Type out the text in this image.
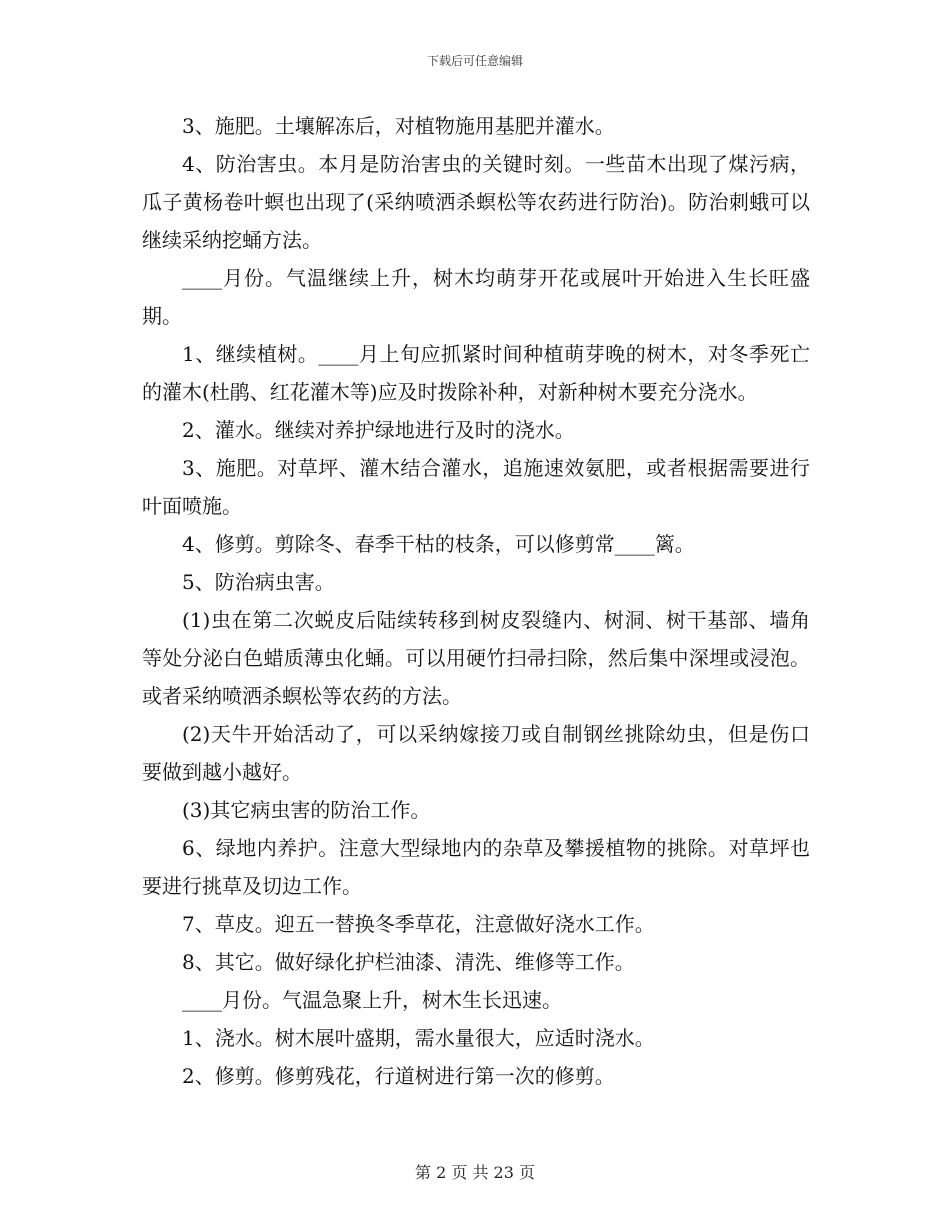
下载后可任意编辑

3、施肥。土壤解冻后，对植物施用基肥并灌水。

4、防治害虫。本月是防治害虫的关键时刻。一些苗木出现了煤污病，瓜子黄杨卷叶螟也出现了(采纳喷洒杀螟松等农药进行防治)。防治刺蛾可以继续采纳挖蛹方法。

____月份。气温继续上升，树木均萌芽开花或展叶开始进入生长旺盛期。

1、继续植树。____月上旬应抓紧时间种植萌芽晚的树木，对冬季死亡的灌木(杜鹃、红花灌木等)应及时拨除补种，对新种树木要充分浇水。

2、灌水。继续对养护绿地进行及时的浇水。

3、施肥。对草坪、灌木结合灌水，追施速效氨肥，或者根据需要进行叶面喷施。

4、修剪。剪除冬、春季干枯的枝条，可以修剪常____篱。

5、防治病虫害。

(1)虫在第二次蜕皮后陆续转移到树皮裂缝内、树洞、树干基部、墙角等处分泌白色蜡质薄虫化蛹。可以用硬竹扫帚扫除，然后集中深埋或浸泡。或者采纳喷洒杀螟松等农药的方法。

(2)天牛开始活动了，可以采纳嫁接刀或自制钢丝挑除幼虫，但是伤口要做到越小越好。

(3)其它病虫害的防治工作。

6、绿地内养护。注意大型绿地内的杂草及攀援植物的挑除。对草坪也要进行挑草及切边工作。

7、草皮。迎五一替换冬季草花，注意做好浇水工作。

8、其它。做好绿化护栏油漆、清洗、维修等工作。

____月份。气温急聚上升，树木生长迅速。

1、浇水。树木展叶盛期，需水量很大，应适时浇水。

2、修剪。修剪残花，行道树进行第一次的修剪。

第 2 页 共 23 页
